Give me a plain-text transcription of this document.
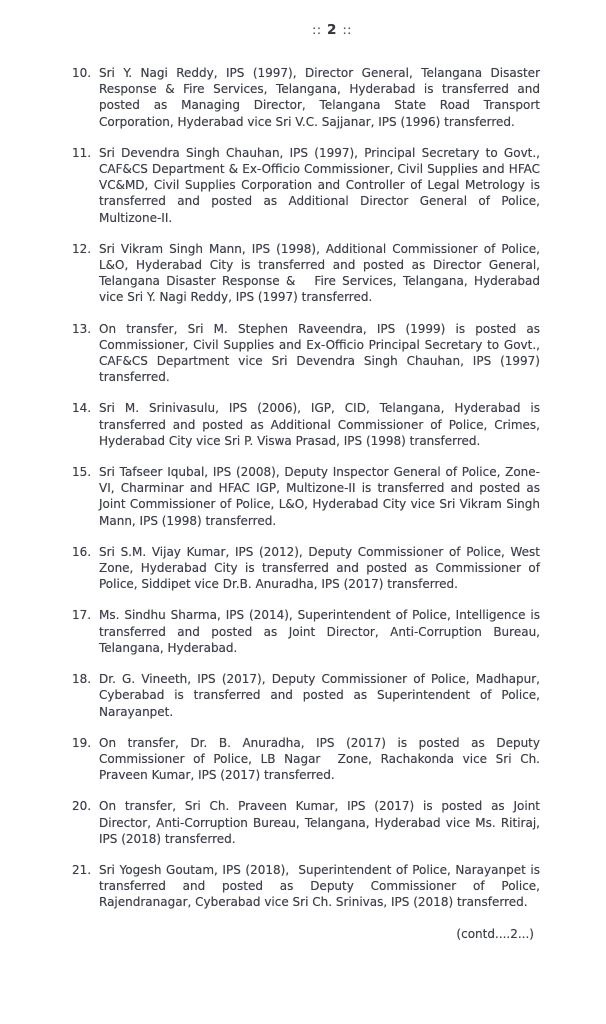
:: 2 ::
10. Sri Y. Nagi Reddy, IPS (1997), Director General, Telangana Disaster Response & Fire Services, Telangana, Hyderabad is transferred and posted as Managing Director, Telangana State Road Transport Corporation, Hyderabad vice Sri V.C. Sajjanar, IPS (1996) transferred.
11. Sri Devendra Singh Chauhan, IPS (1997), Principal Secretary to Govt., CAF&CS Department & Ex-Officio Commissioner, Civil Supplies and HFAC VC&MD, Civil Supplies Corporation and Controller of Legal Metrology is transferred and posted as Additional Director General of Police, Multizone-II.
12. Sri Vikram Singh Mann, IPS (1998), Additional Commissioner of Police, L&O, Hyderabad City is transferred and posted as Director General, Telangana Disaster Response &   Fire Services, Telangana, Hyderabad vice Sri Y. Nagi Reddy, IPS (1997) transferred.
13. On transfer, Sri M. Stephen Raveendra, IPS (1999) is posted as Commissioner, Civil Supplies and Ex-Officio Principal Secretary to Govt., CAF&CS Department vice Sri Devendra Singh Chauhan, IPS (1997) transferred.
14. Sri M. Srinivasulu, IPS (2006), IGP, CID, Telangana, Hyderabad is transferred and posted as Additional Commissioner of Police, Crimes, Hyderabad City vice Sri P. Viswa Prasad, IPS (1998) transferred.
15. Sri Tafseer Iqubal, IPS (2008), Deputy Inspector General of Police, Zone-VI, Charminar and HFAC IGP, Multizone-II is transferred and posted as Joint Commissioner of Police, L&O, Hyderabad City vice Sri Vikram Singh Mann, IPS (1998) transferred.
16. Sri S.M. Vijay Kumar, IPS (2012), Deputy Commissioner of Police, West Zone, Hyderabad City is transferred and posted as Commissioner of Police, Siddipet vice Dr.B. Anuradha, IPS (2017) transferred.
17. Ms. Sindhu Sharma, IPS (2014), Superintendent of Police, Intelligence is transferred and posted as Joint Director, Anti-Corruption Bureau, Telangana, Hyderabad.
18. Dr. G. Vineeth, IPS (2017), Deputy Commissioner of Police, Madhapur, Cyberabad is transferred and posted as Superintendent of Police, Narayanpet.
19. On transfer, Dr. B. Anuradha, IPS (2017) is posted as Deputy Commissioner of Police, LB Nagar  Zone, Rachakonda vice Sri Ch. Praveen Kumar, IPS (2017) transferred.
20. On transfer, Sri Ch. Praveen Kumar, IPS (2017) is posted as Joint Director, Anti-Corruption Bureau, Telangana, Hyderabad vice Ms. Ritiraj, IPS (2018) transferred.
21. Sri Yogesh Goutam, IPS (2018),  Superintendent of Police, Narayanpet is transferred and posted as Deputy Commissioner of Police, Rajendranagar, Cyberabad vice Sri Ch. Srinivas, IPS (2018) transferred.
(contd....2...)
